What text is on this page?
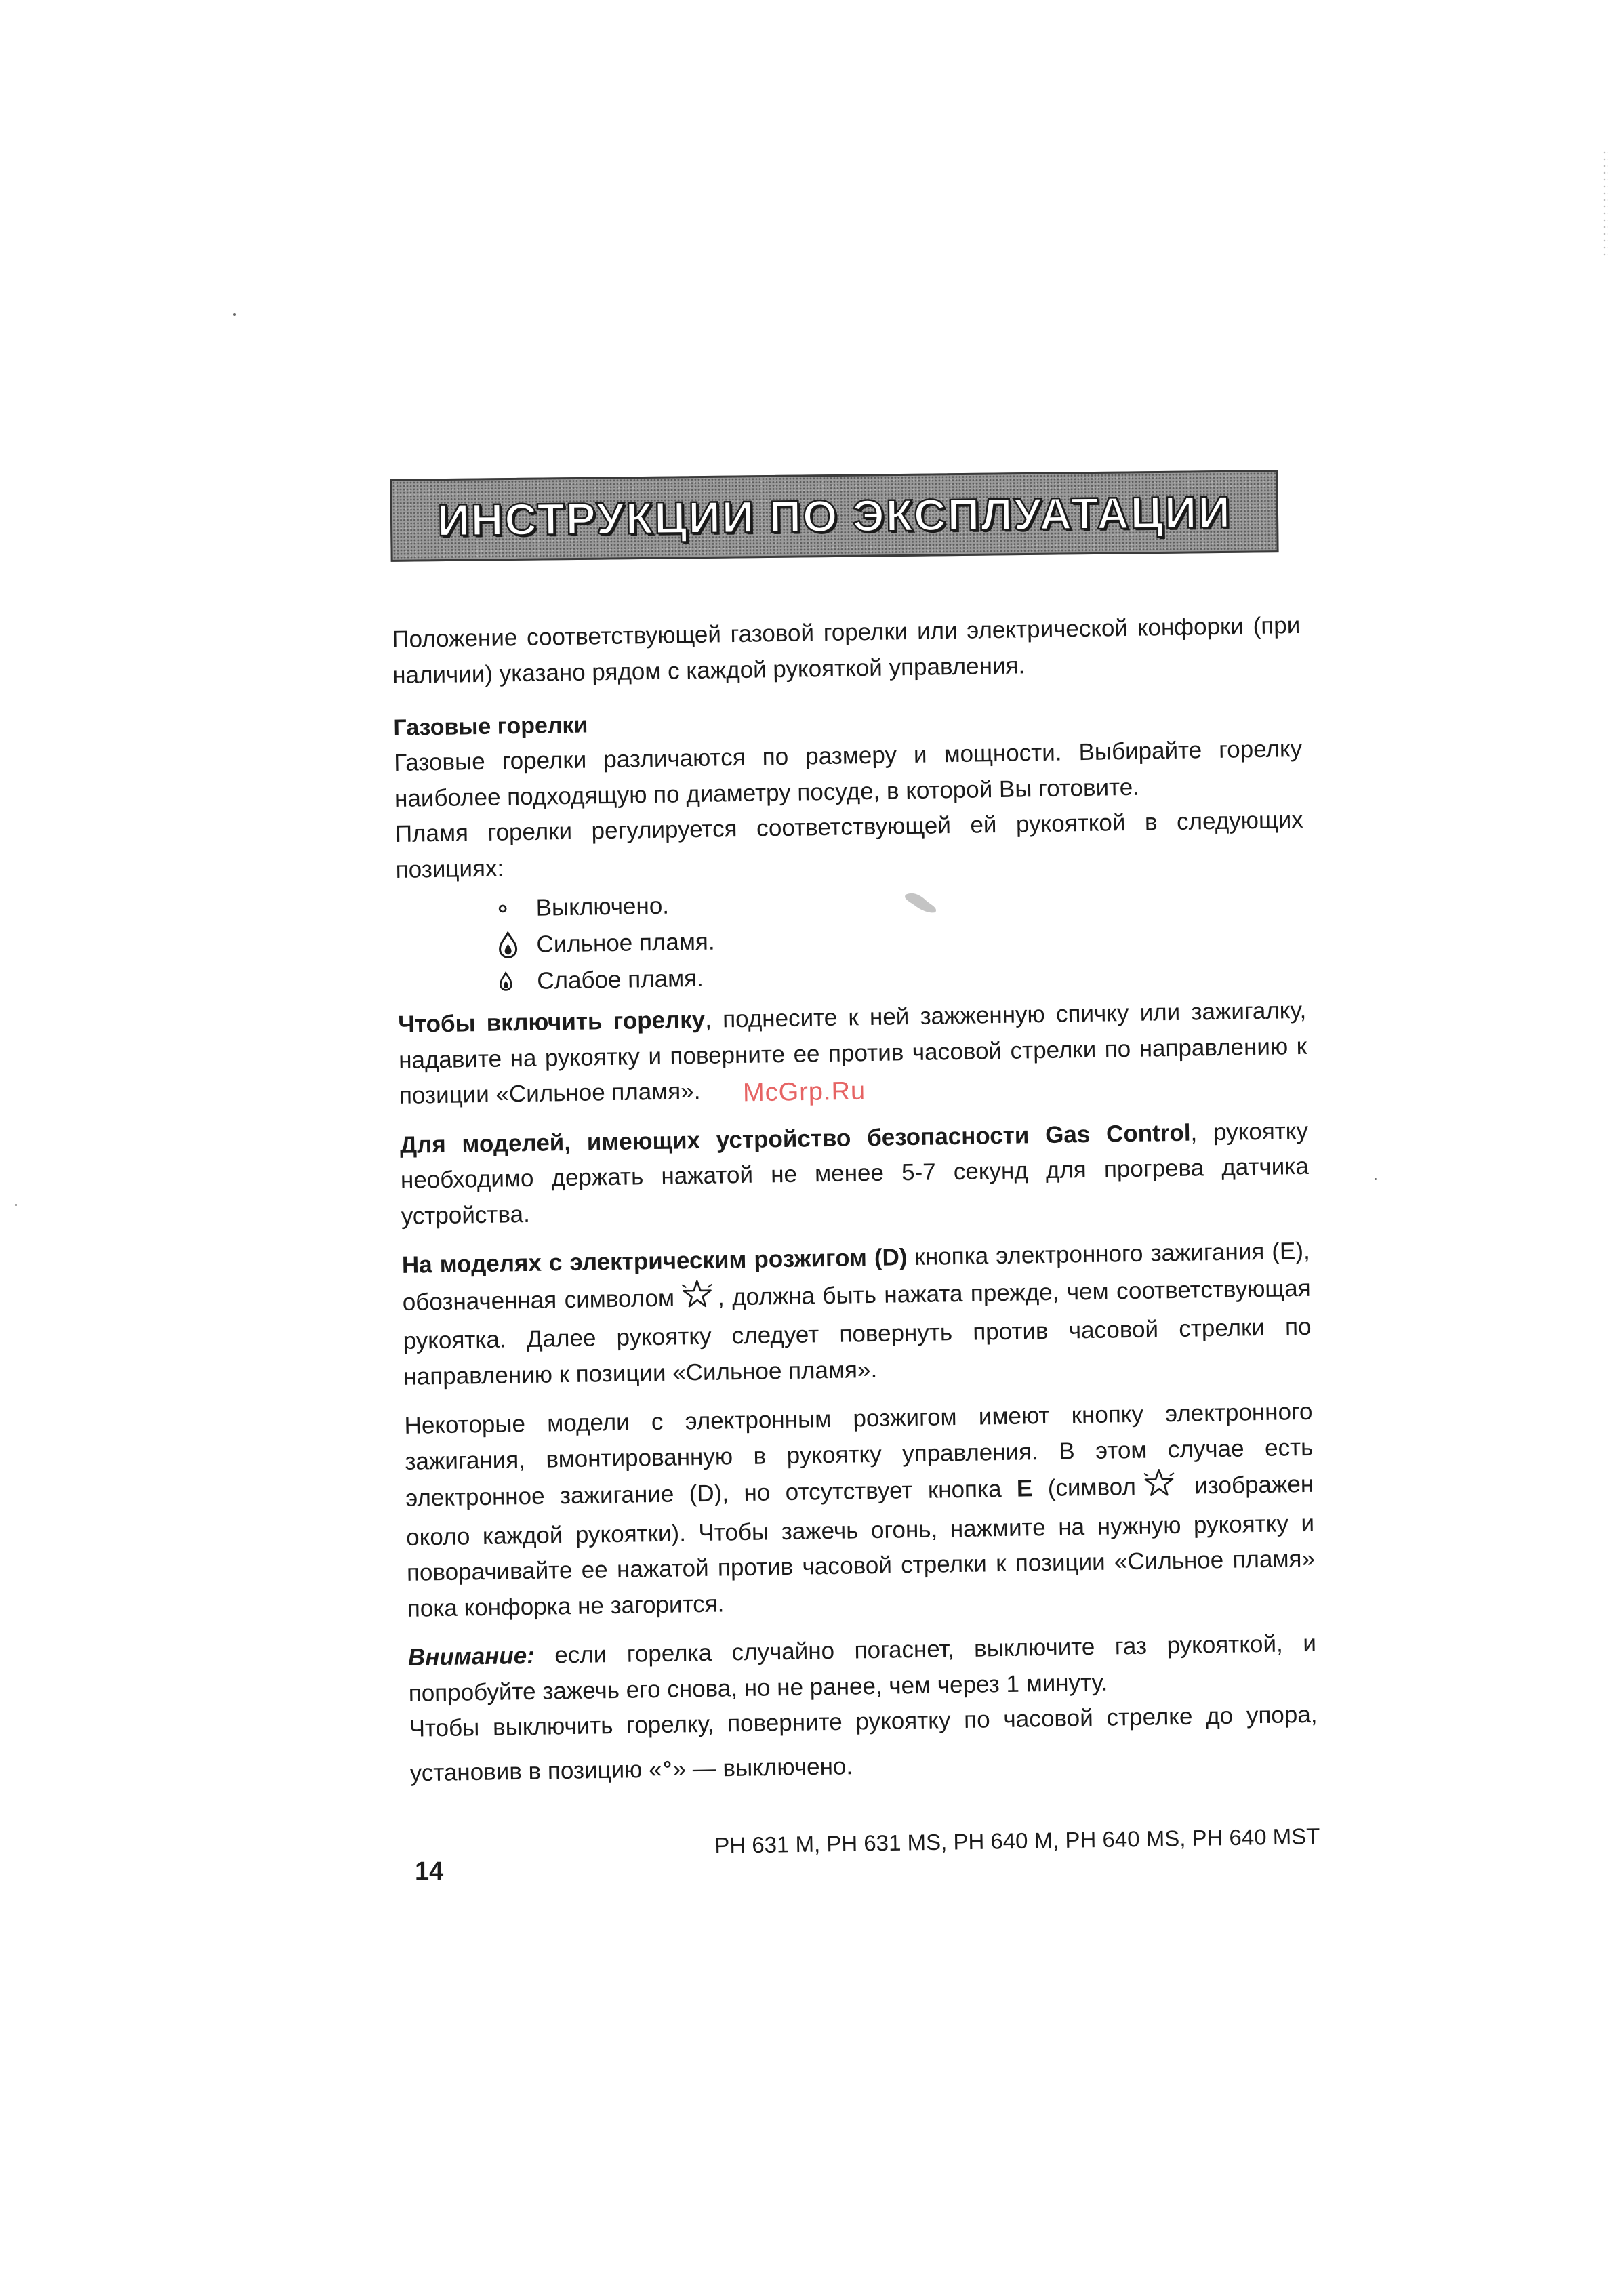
ИНСТРУКЦИИ ПО ЭКСПЛУАТАЦИИ

Положение соответствующей газовой горелки или электрической конфорки (при наличии) указано рядом с каждой рукояткой управления.

Газовые горелки

Газовые горелки различаются по размеру и мощности. Выбирайте горелку наиболее подходящую по диаметру посуде, в которой Вы готовите.

Пламя горелки регулируется соответствующей ей рукояткой в следующих позициях:

Выключено.
Сильное пламя.
Слабое пламя.

Чтобы включить горелку, поднесите к ней зажженную спичку или зажигалку, надавите на рукоятку и поверните ее против часовой стрелки по направлению к позиции «Сильное пламя».

Для моделей, имеющих устройство безопасности Gas Control, рукоятку необходимо держать нажатой не менее 5-7 секунд для прогрева датчика устройства.

На моделях с электрическим розжигом (D) кнопка электронного зажигания (E), обозначенная символом , должна быть нажата прежде, чем соответствующая рукоятка. Далее рукоятку следует повернуть против часовой стрелки по направлению к позиции «Сильное пламя».

Некоторые модели с электронным розжигом имеют кнопку электронного зажигания, вмонтированную в рукоятку управления. В этом случае есть электронное зажигание (D), но отсутствует кнопка E (символ изображен около каждой рукоятки). Чтобы зажечь огонь, нажмите на нужную рукоятку и поворачивайте ее нажатой против часовой стрелки к позиции «Сильное пламя» пока конфорка не загорится.

Внимание: если горелка случайно погаснет, выключите газ рукояткой, и попробуйте зажечь его снова, но не ранее, чем через 1 минуту.

Чтобы выключить горелку, поверните рукоятку по часовой стрелке до упора, установив в позицию « » — выключено.

McGrp.Ru
14
PH 631 M, PH 631 MS, PH 640 M, PH 640 MS, PH 640 MST
